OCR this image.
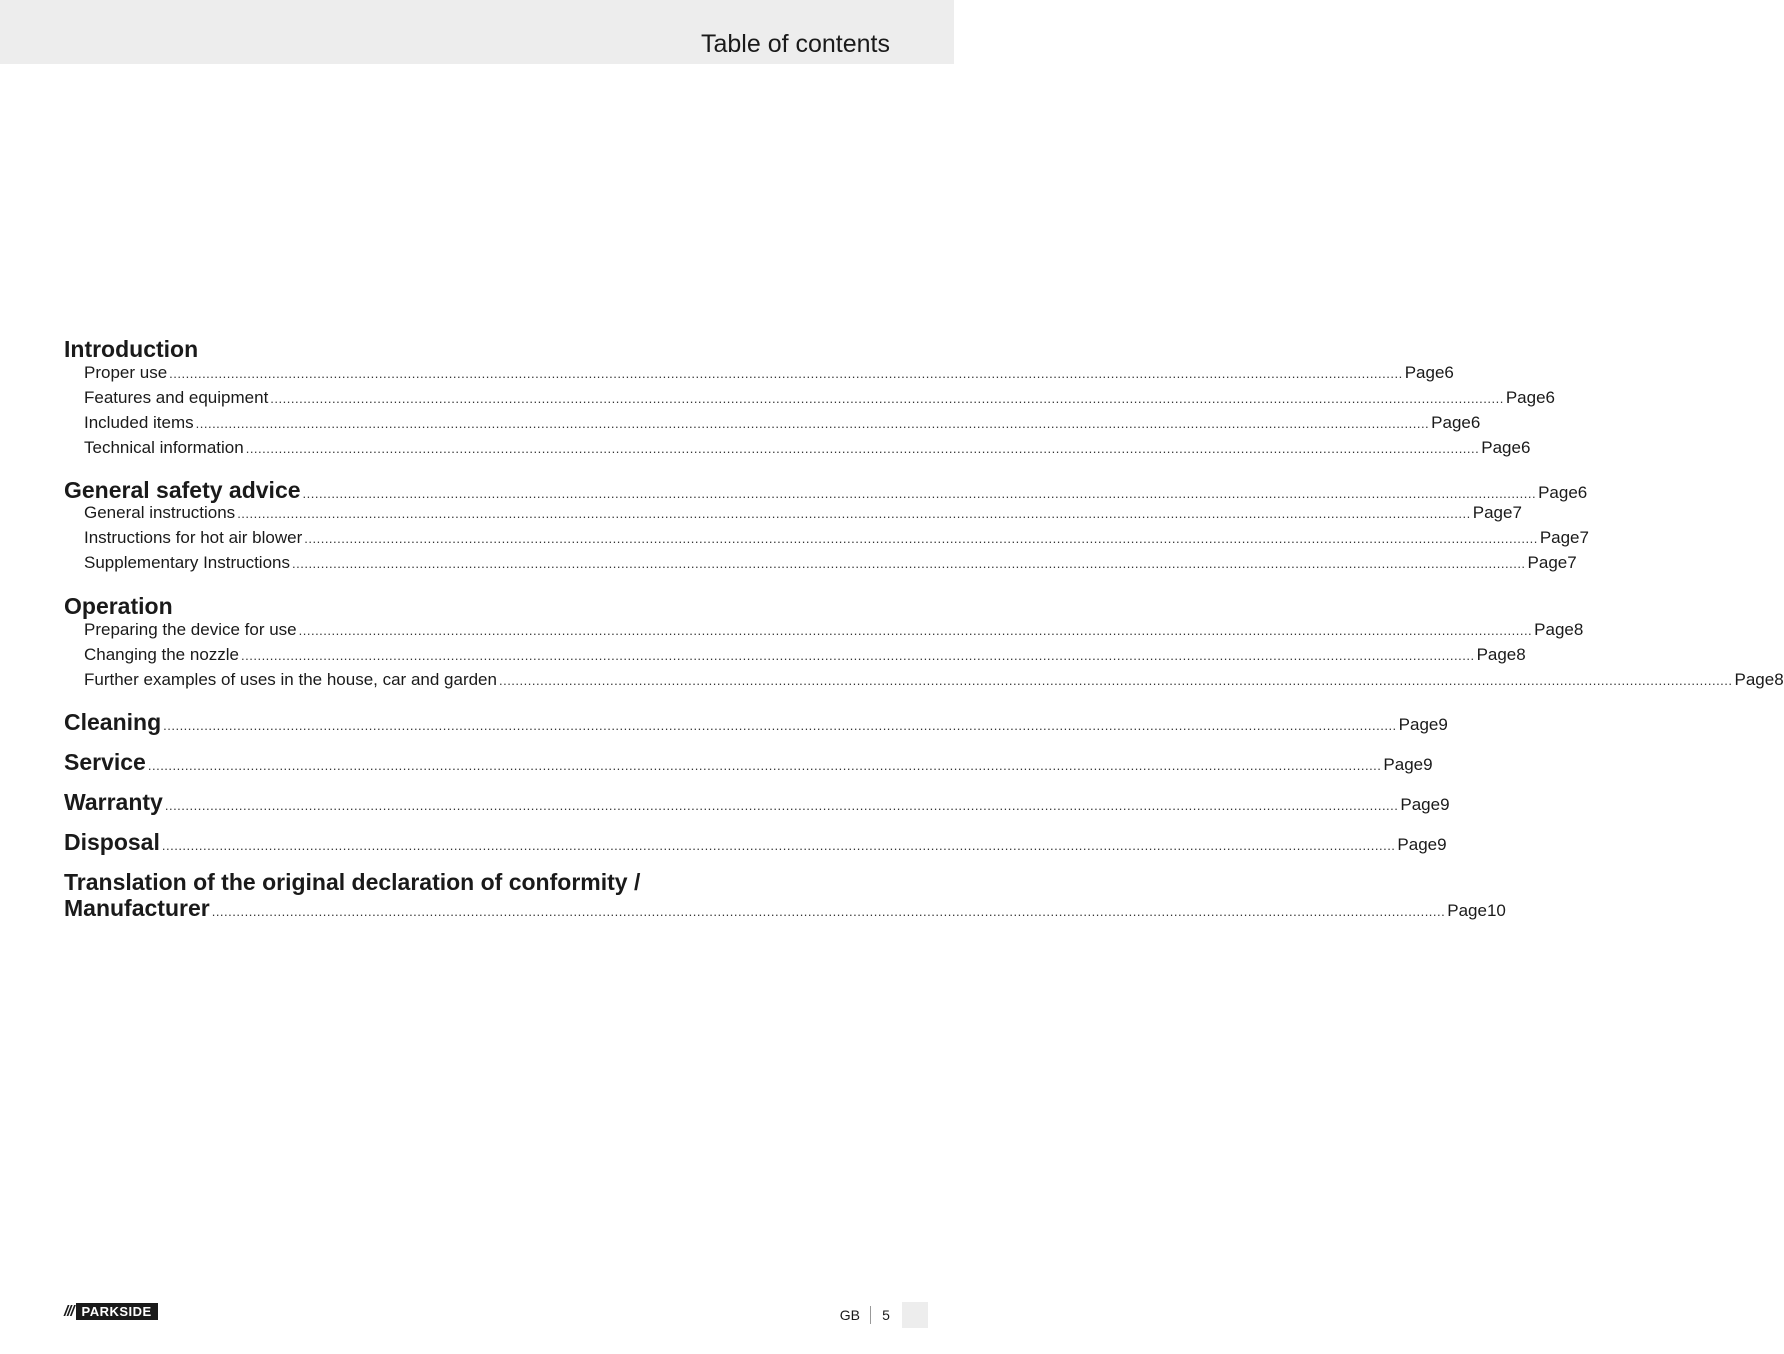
Table of contents
Introduction
Proper use ............................................................................................................................................................................................................................................................................................................ Page 6
Features and equipment ............................................................................................................................................................................................................................................................................................................ Page 6
Included items ............................................................................................................................................................................................................................................................................................................ Page 6
Technical information ............................................................................................................................................................................................................................................................................................................ Page 6
General safety advice ............................................................................................................................................................................................................................................................................................................ Page 6
General instructions ............................................................................................................................................................................................................................................................................................................ Page 7
Instructions for hot air blower ............................................................................................................................................................................................................................................................................................................ Page 7
Supplementary Instructions ............................................................................................................................................................................................................................................................................................................ Page 7
Operation
Preparing the device for use ............................................................................................................................................................................................................................................................................................................ Page 8
Changing the nozzle ............................................................................................................................................................................................................................................................................................................ Page 8
Further examples of uses in the house, car and garden ............................................................................................................................................................................................................................................................................................................ Page 8
Cleaning ............................................................................................................................................................................................................................................................................................................ Page 9
Service ............................................................................................................................................................................................................................................................................................................ Page 9
Warranty ............................................................................................................................................................................................................................................................................................................ Page 9
Disposal ............................................................................................................................................................................................................................................................................................................ Page 9
Translation of the original declaration of conformity /
Manufacturer ............................................................................................................................................................................................................................................................................................................ Page 10
/// PARKSIDE	GB	5
